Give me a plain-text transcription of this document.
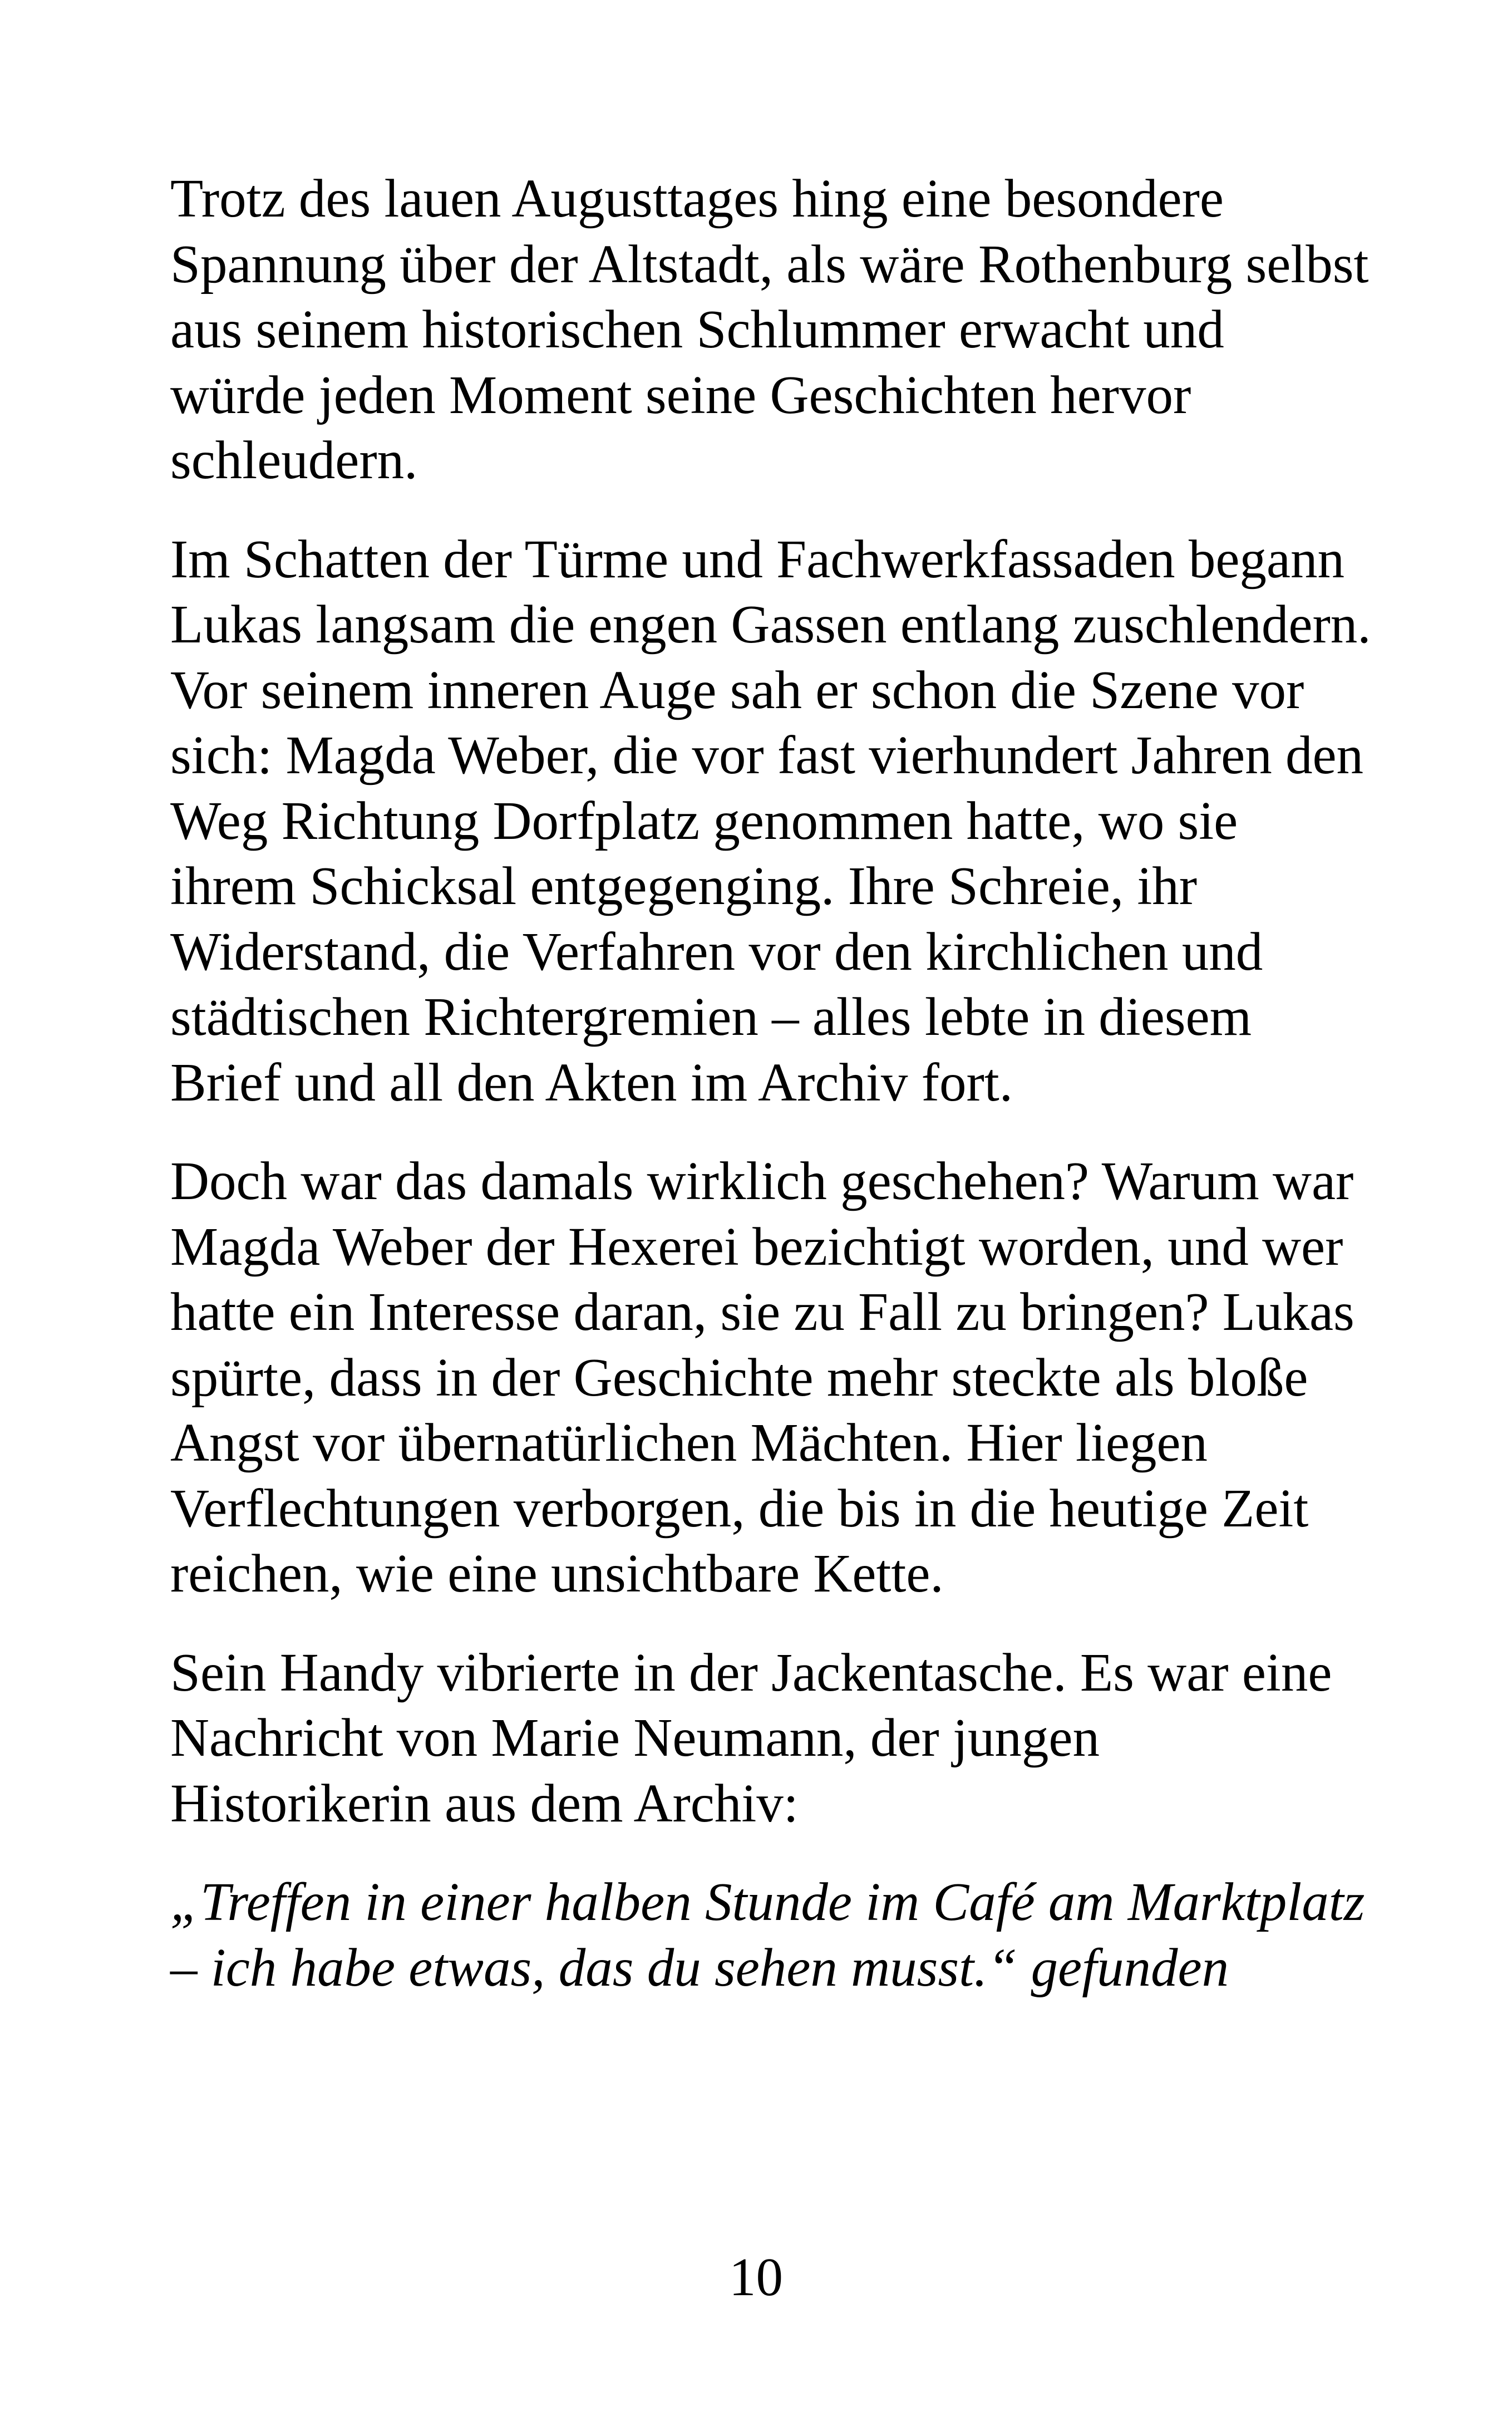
Trotz des lauen Augusttages hing eine besondere Spannung über der Altstadt, als wäre Rothenburg selbst aus seinem historischen Schlummer erwacht und würde jeden Moment seine Geschichten hervor schleudern.

Im Schatten der Türme und Fachwerkfassaden begann Lukas langsam die engen Gassen entlang zuschlendern. Vor seinem inneren Auge sah er schon die Szene vor sich: Magda Weber, die vor fast vierhundert Jahren den Weg Richtung Dorfplatz genommen hatte, wo sie ihrem Schicksal entgegenging. Ihre Schreie, ihr Widerstand, die Verfahren vor den kirchlichen und städtischen Richtergremien – alles lebte in diesem Brief und all den Akten im Archiv fort.

Doch war das damals wirklich geschehen? Warum war Magda Weber der Hexerei bezichtigt worden, und wer hatte ein Interesse daran, sie zu Fall zu bringen? Lukas spürte, dass in der Geschichte mehr steckte als bloße Angst vor übernatürlichen Mächten. Hier liegen Verflechtungen verborgen, die bis in die heutige Zeit reichen, wie eine unsichtbare Kette.

Sein Handy vibrierte in der Jackentasche. Es war eine Nachricht von Marie Neumann, der jungen Historikerin aus dem Archiv:

„Treffen in einer halben Stunde im Café am Marktplatz – ich habe etwas, das du sehen musst.“ gefunden

10
